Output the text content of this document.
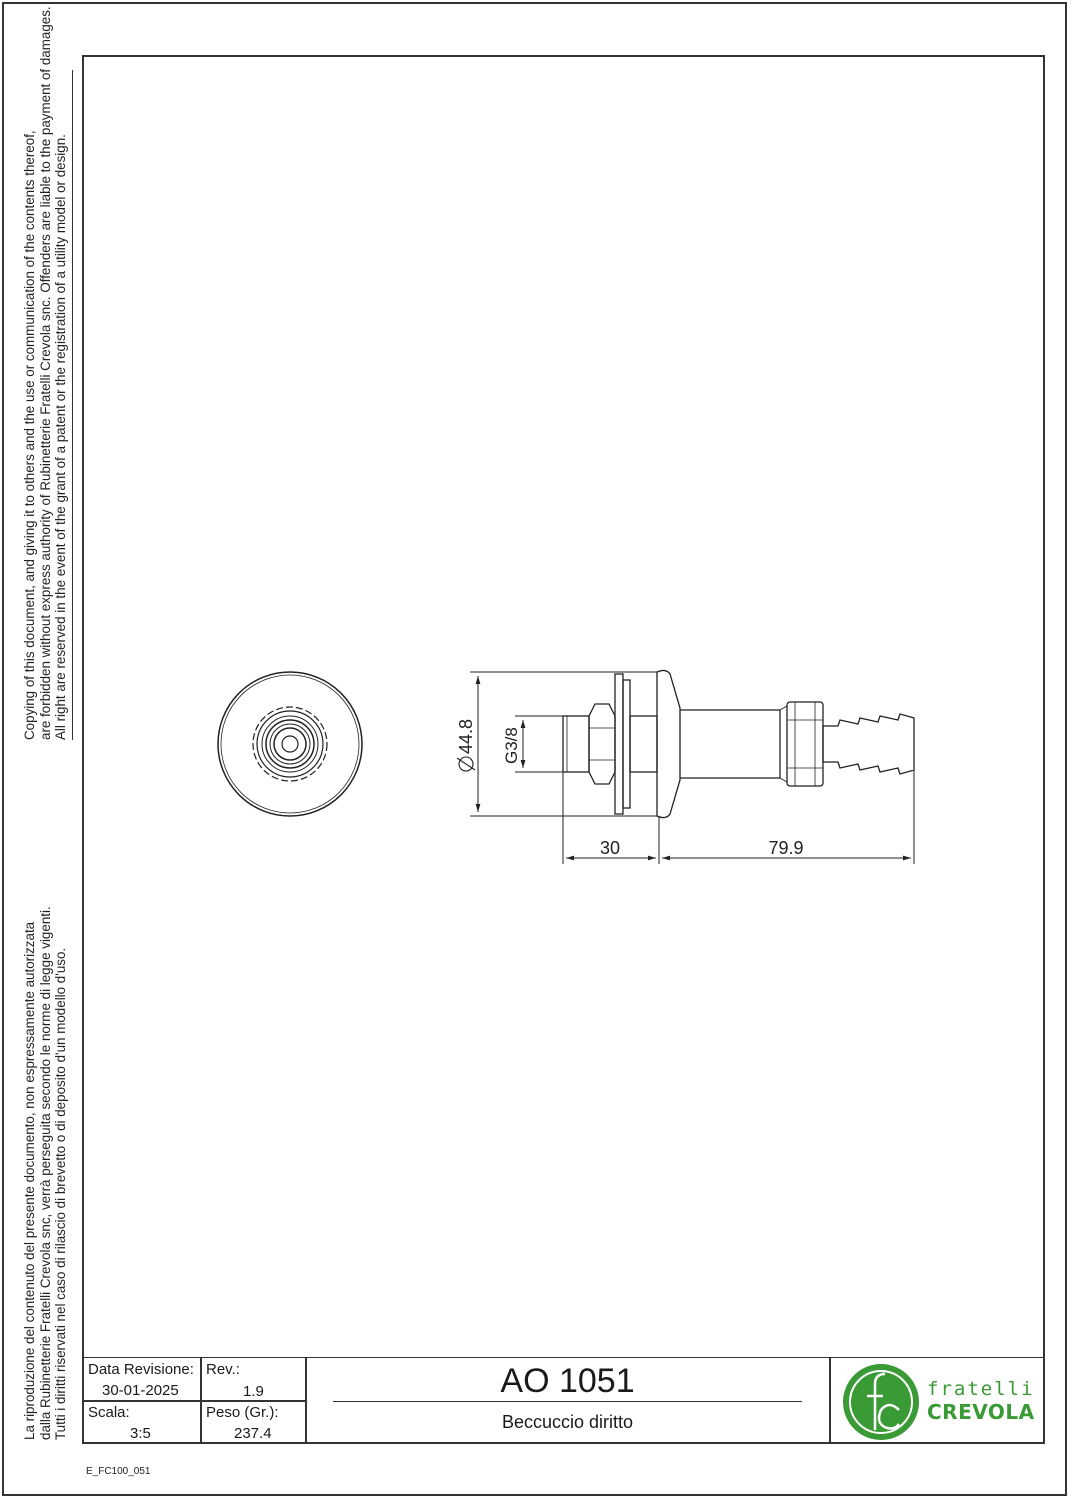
Copying of this document, and giving it to others and the use or communication of the contents thereof, are forbidden without express authority of Rubinetterie Fratelli Crevola snc. Offenders are liable to the payment of damages. All right are reserved in the event of the grant of a patent or the registration of a utility model or design.
La riproduzione del contenuto del presente documento, non espressamente autorizzata dalla Rubinetterie Fratelli Crevola snc, verrà perseguita secondo le norme di legge vigenti. Tutti i diritti riservati nel caso di rilascio di brevetto o di deposito d'un modello d'uso.
44.8 G3/8
30	79.9
Data Revisione:
30-01-2025
Rev.:
1.9
Scala:
3:5
Peso (Gr.):
237.4
AO 1051
Beccuccio diritto
fratelli
CREVOLA
E_FC100_051
